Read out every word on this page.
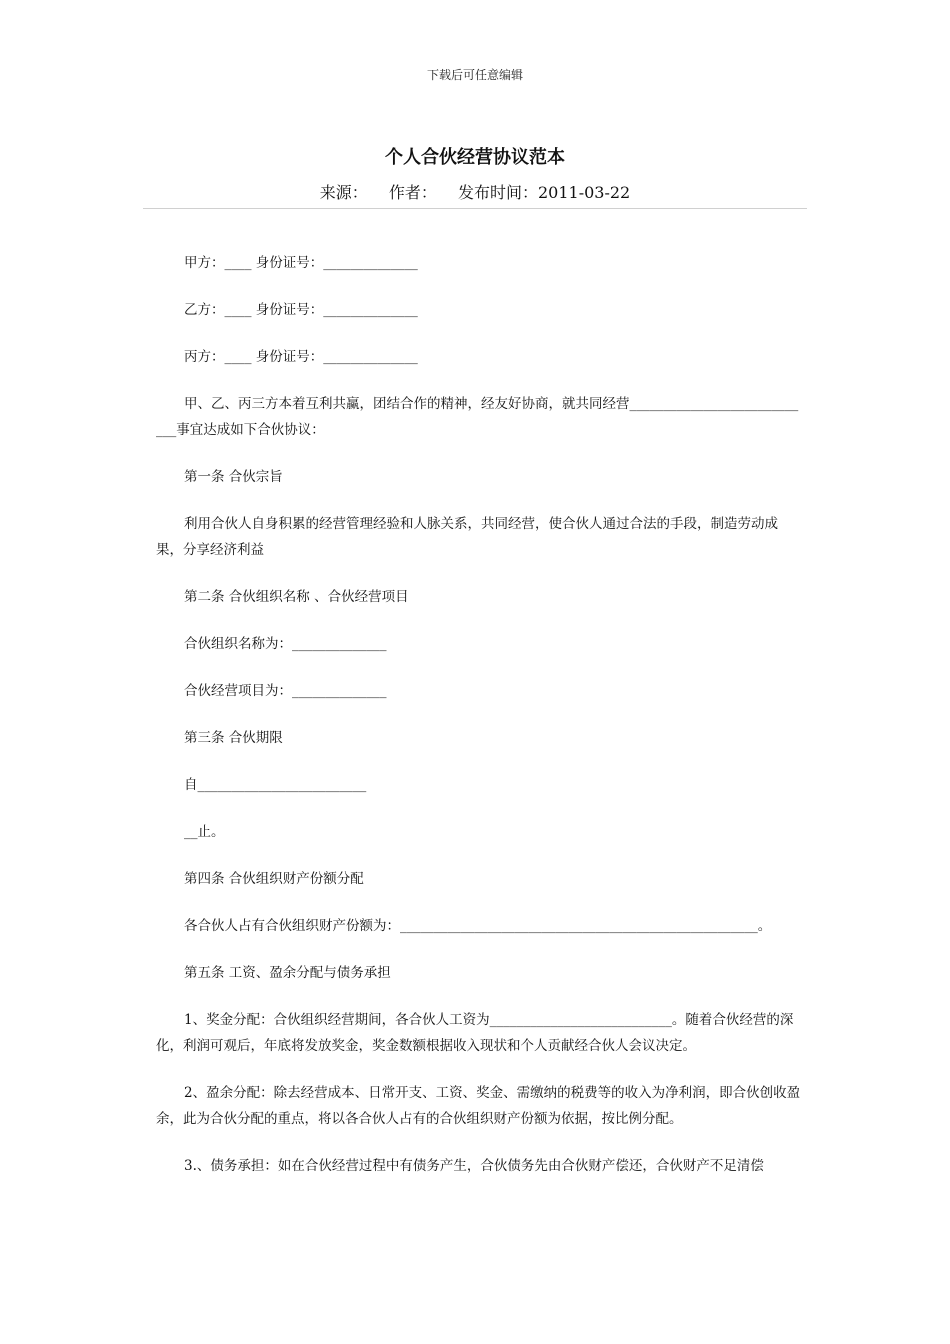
下载后可任意编辑
个人合伙经营协议范本
来源： 作者： 发布时间：2011-03-22

甲方：____ 身份证号：______________

乙方：____ 身份证号：______________

丙方：____ 身份证号：______________

甲、乙、丙三方本着互利共赢，团结合作的精神，经友好协商，就共同经营____________________________事宜达成如下合伙协议：

第一条 合伙宗旨

利用合伙人自身积累的经营管理经验和人脉关系，共同经营，使合伙人通过合法的手段，制造劳动成果，分享经济利益

第二条 合伙组织名称 、合伙经营项目

合伙组织名称为：______________

合伙经营项目为：______________

第三条 合伙期限

自_________________________

__止。

第四条 合伙组织财产份额分配

各合伙人占有合伙组织财产份额为：_____________________________________________________。

第五条 工资、盈余分配与债务承担

1、奖金分配：合伙组织经营期间，各合伙人工资为___________________________。随着合伙经营的深化，利润可观后，年底将发放奖金，奖金数额根据收入现状和个人贡献经合伙人会议决定。

2、盈余分配：除去经营成本、日常开支、工资、奖金、需缴纳的税费等的收入为净利润，即合伙创收盈余，此为合伙分配的重点，将以各合伙人占有的合伙组织财产份额为依据，按比例分配。

3.、债务承担：如在合伙经营过程中有债务产生，合伙债务先由合伙财产偿还，合伙财产不足清偿
